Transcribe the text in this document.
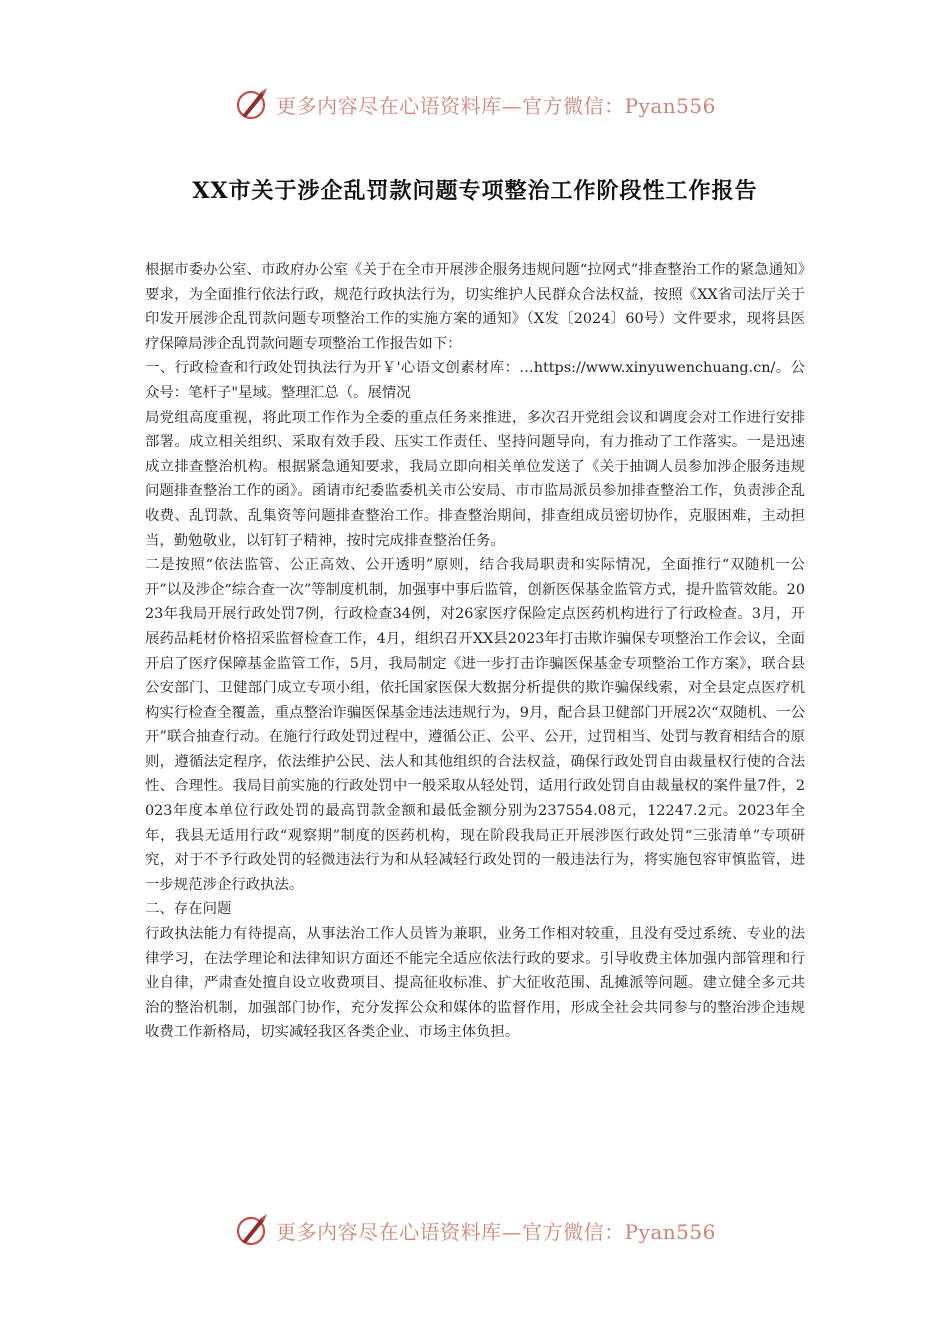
更多内容尽在心语资料库—官方微信：Pyan556
XX市关于涉企乱罚款问题专项整治工作阶段性工作报告

根据市委办公室、市政府办公室《关于在全市开展涉企服务违规问题“拉网式”排查整治工作的紧急通知》要求，为全面推行依法行政，规范行政执法行为，切实维护人民群众合法权益，按照《XX省司法厅关于印发开展涉企乱罚款问题专项整治工作的实施方案的通知》（X发〔2024〕60号）文件要求，现将县医疗保障局涉企乱罚款问题专项整治工作报告如下：

一、行政检查和行政处罚执法行为开￥'心语文创素材库：…https://www.xinyuwenchuang.cn/。公众号：笔杆子"星域。整理汇总（。展情况

局党组高度重视，将此项工作作为全委的重点任务来推进，多次召开党组会议和调度会对工作进行安排部署。成立相关组织、采取有效手段、压实工作责任、坚持问题导向，有力推动了工作落实。一是迅速成立排查整治机构。根据紧急通知要求，我局立即向相关单位发送了《关于抽调人员参加涉企服务违规问题排查整治工作的函》。函请市纪委监委机关市公安局、市市监局派员参加排查整治工作，负责涉企乱收费、乱罚款、乱集资等问题排查整治工作。排查整治期间，排查组成员密切协作，克服困难，主动担当，勤勉敬业，以钉钉子精神，按时完成排查整治任务。

二是按照“依法监管、公正高效、公开透明”原则，结合我局职责和实际情况，全面推行“双随机一公开”以及涉企“综合查一次”等制度机制，加强事中事后监管，创新医保基金监管方式，提升监管效能。2023年我局开展行政处罚7例，行政检查34例，对26家医疗保险定点医药机构进行了行政检查。3月，开展药品耗材价格招采监督检查工作，4月，组织召开XX县2023年打击欺诈骗保专项整治工作会议，全面开启了医疗保障基金监管工作，5月，我局制定《进一步打击诈骗医保基金专项整治工作方案》，联合县公安部门、卫健部门成立专项小组，依托国家医保大数据分析提供的欺诈骗保线索，对全县定点医疗机构实行检查全覆盖，重点整治诈骗医保基金违法违规行为，9月，配合县卫健部门开展2次“双随机、一公开”联合抽查行动。在施行行政处罚过程中，遵循公正、公平、公开，过罚相当、处罚与教育相结合的原则，遵循法定程序，依法维护公民、法人和其他组织的合法权益，确保行政处罚自由裁量权行使的合法性、合理性。我局目前实施的行政处罚中一般采取从轻处罚，适用行政处罚自由裁量权的案件量7件，2023年度本单位行政处罚的最高罚款金额和最低金额分别为237554.08元，12247.2元。2023年全年，我县无适用行政“观察期”制度的医药机构，现在阶段我局正开展涉医行政处罚“三张清单”专项研究，对于不予行政处罚的轻微违法行为和从轻减轻行政处罚的一般违法行为，将实施包容审慎监管，进一步规范涉企行政执法。

二、存在问题

行政执法能力有待提高，从事法治工作人员皆为兼职，业务工作相对较重，且没有受过系统、专业的法律学习，在法学理论和法律知识方面还不能完全适应依法行政的要求。引导收费主体加强内部管理和行业自律，严肃查处擅自设立收费项目、提高征收标准、扩大征收范围、乱摊派等问题。建立健全多元共治的整治机制，加强部门协作，充分发挥公众和媒体的监督作用，形成全社会共同参与的整治涉企违规收费工作新格局，切实减轻我区各类企业、市场主体负担。

更多内容尽在心语资料库—官方微信：Pyan556
